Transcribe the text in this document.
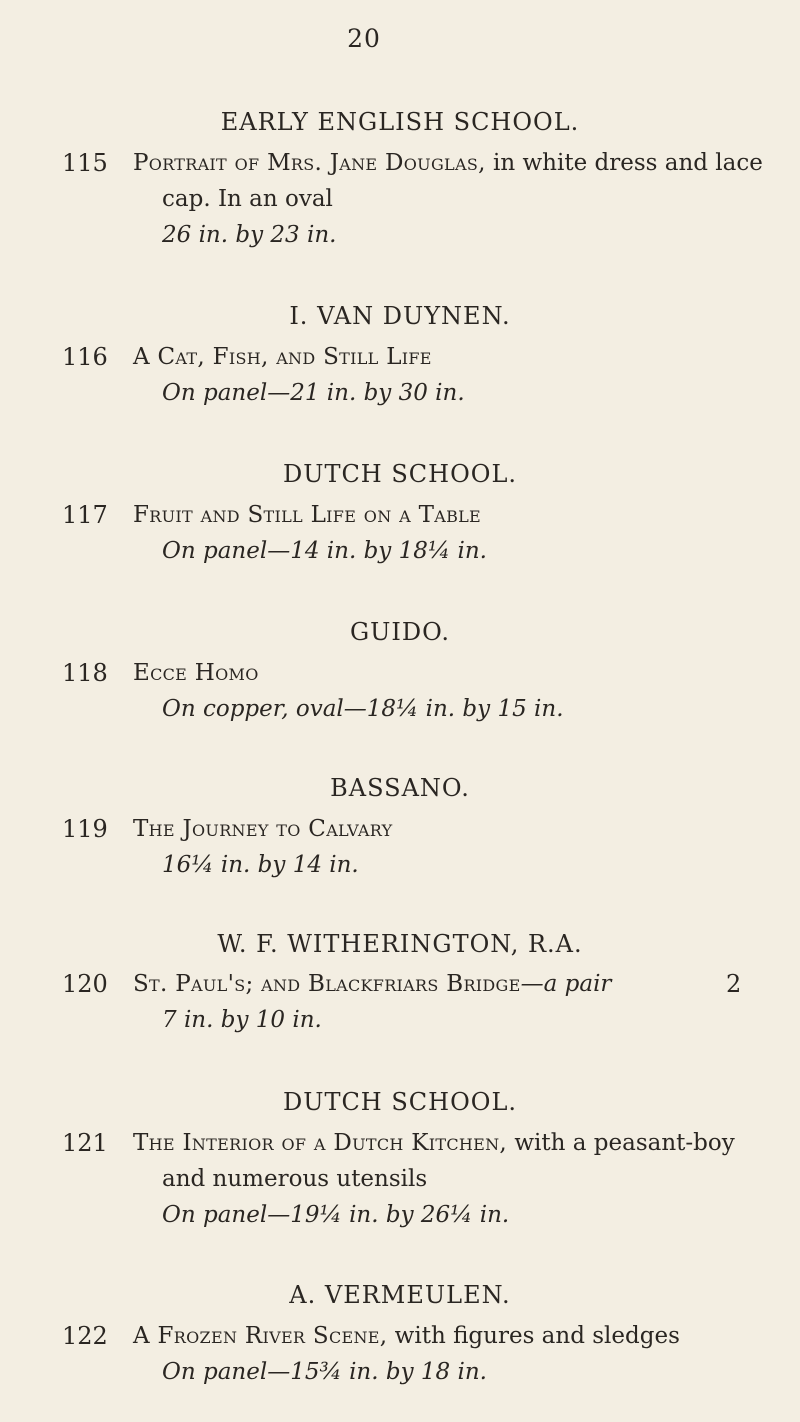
20
EARLY ENGLISH SCHOOL.
115 Portrait of Mrs. Jane Douglas, in white dress and lace
cap. In an oval
26 in. by 23 in.
I. VAN DUYNEN.
116 A Cat, Fish, and Still Life
On panel—21 in. by 30 in.
DUTCH SCHOOL.
117 Fruit and Still Life on a Table
On panel—14 in. by 18¼ in.
GUIDO.
118 Ecce Homo
On copper, oval—18¼ in. by 15 in.
BASSANO.
119 The Journey to Calvary
16¼ in. by 14 in.
W. F. WITHERINGTON, R.A.
120 St. Paul's; and Blackfriars Bridge—a pair	2
7 in. by 10 in.
DUTCH SCHOOL.
121 The Interior of a Dutch Kitchen, with a peasant-boy
and numerous utensils
On panel—19¼ in. by 26¼ in.
A. VERMEULEN.
122 A Frozen River Scene, with figures and sledges
On panel—15¾ in. by 18 in.
